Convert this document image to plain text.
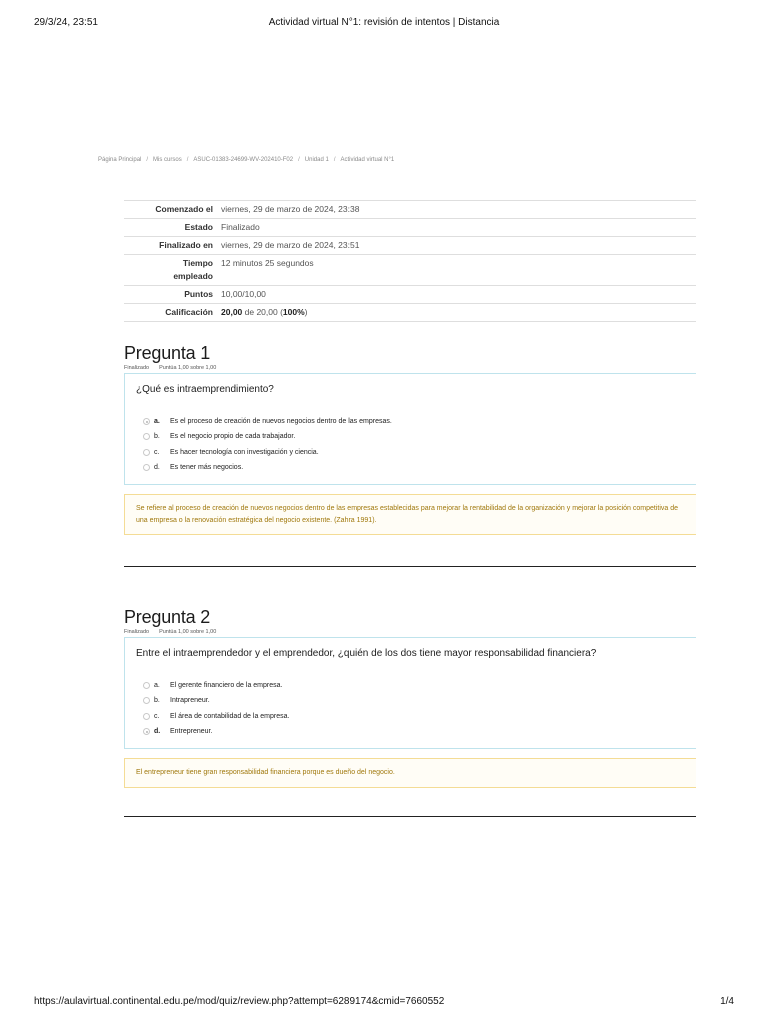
29/3/24, 23:51	Actividad virtual N°1: revisión de intentos | Distancia
Página Principal / Mis cursos / ASUC-01383-24699-WV-202410-F02 / Unidad 1 / Actividad virtual N°1
Comenzado el	viernes, 29 de marzo de 2024, 23:38
Estado	Finalizado
Finalizado en	viernes, 29 de marzo de 2024, 23:51
Tiempo
empleado	12 minutos 25 segundos
Puntos	10,00/10,00
Calificación	20,00 de 20,00 (100%)
Pregunta 1
Finalizado Puntúa 1,00 sobre 1,00
¿Qué es intraemprendimiento?
a.	Es el proceso de creación de nuevos negocios dentro de las empresas.
b.	Es el negocio propio de cada trabajador.
c.	Es hacer tecnología con investigación y ciencia.
d.	Es tener más negocios.
Se refiere al proceso de creación de nuevos negocios dentro de las empresas establecidas para mejorar la rentabilidad de la organización y mejorar la posición competitiva de una empresa o la renovación estratégica del negocio existente. (Zahra 1991).
Pregunta 2
Finalizado Puntúa 1,00 sobre 1,00
Entre el intraemprendedor y el emprendedor, ¿quién de los dos tiene mayor responsabilidad financiera?
a.	El gerente financiero de la empresa.
b.	Intrapreneur.
c.	El área de contabilidad de la empresa.
d.	Entrepreneur.
El entrepreneur tiene gran responsabilidad financiera porque es dueño del negocio.
https://aulavirtual.continental.edu.pe/mod/quiz/review.php?attempt=6289174&cmid=7660552	1/4
